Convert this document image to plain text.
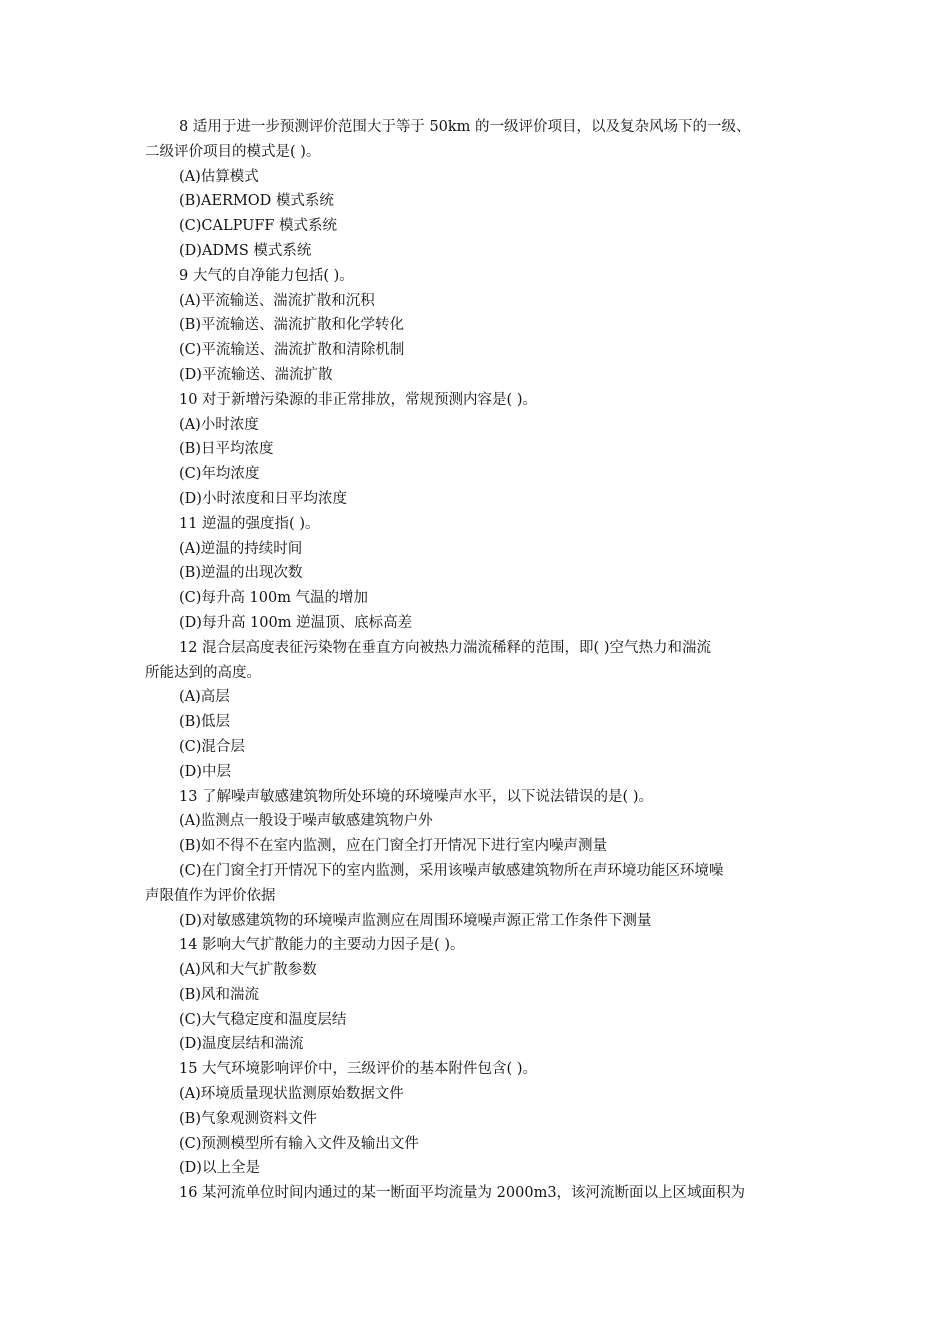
8 适用于进一步预测评价范围大于等于 50km 的一级评价项目，以及复杂风场下的一级、
二级评价项目的模式是( )。
(A)估算模式
(B)AERMOD 模式系统
(C)CALPUFF 模式系统
(D)ADMS 模式系统
9 大气的自净能力包括( )。
(A)平流输送、湍流扩散和沉积
(B)平流输送、湍流扩散和化学转化
(C)平流输送、湍流扩散和清除机制
(D)平流输送、湍流扩散
10 对于新增污染源的非正常排放，常规预测内容是( )。
(A)小时浓度
(B)日平均浓度
(C)年均浓度
(D)小时浓度和日平均浓度
11 逆温的强度指( )。
(A)逆温的持续时间
(B)逆温的出现次数
(C)每升高 100m 气温的增加
(D)每升高 100m 逆温顶、底标高差
12 混合层高度表征污染物在垂直方向被热力湍流稀释的范围，即( )空气热力和湍流
所能达到的高度。
(A)高层
(B)低层
(C)混合层
(D)中层
13 了解噪声敏感建筑物所处环境的环境噪声水平，以下说法错误的是( )。
(A)监测点一般设于噪声敏感建筑物户外
(B)如不得不在室内监测，应在门窗全打开情况下进行室内噪声测量
(C)在门窗全打开情况下的室内监测，采用该噪声敏感建筑物所在声环境功能区环境噪
声限值作为评价依据
(D)对敏感建筑物的环境噪声监测应在周围环境噪声源正常工作条件下测量
14 影响大气扩散能力的主要动力因子是( )。
(A)风和大气扩散参数
(B)风和湍流
(C)大气稳定度和温度层结
(D)温度层结和湍流
15 大气环境影响评价中，三级评价的基本附件包含( )。
(A)环境质量现状监测原始数据文件
(B)气象观测资料文件
(C)预测模型所有输入文件及输出文件
(D)以上全是
16 某河流单位时间内通过的某一断面平均流量为 2000m3，该河流断面以上区域面积为
